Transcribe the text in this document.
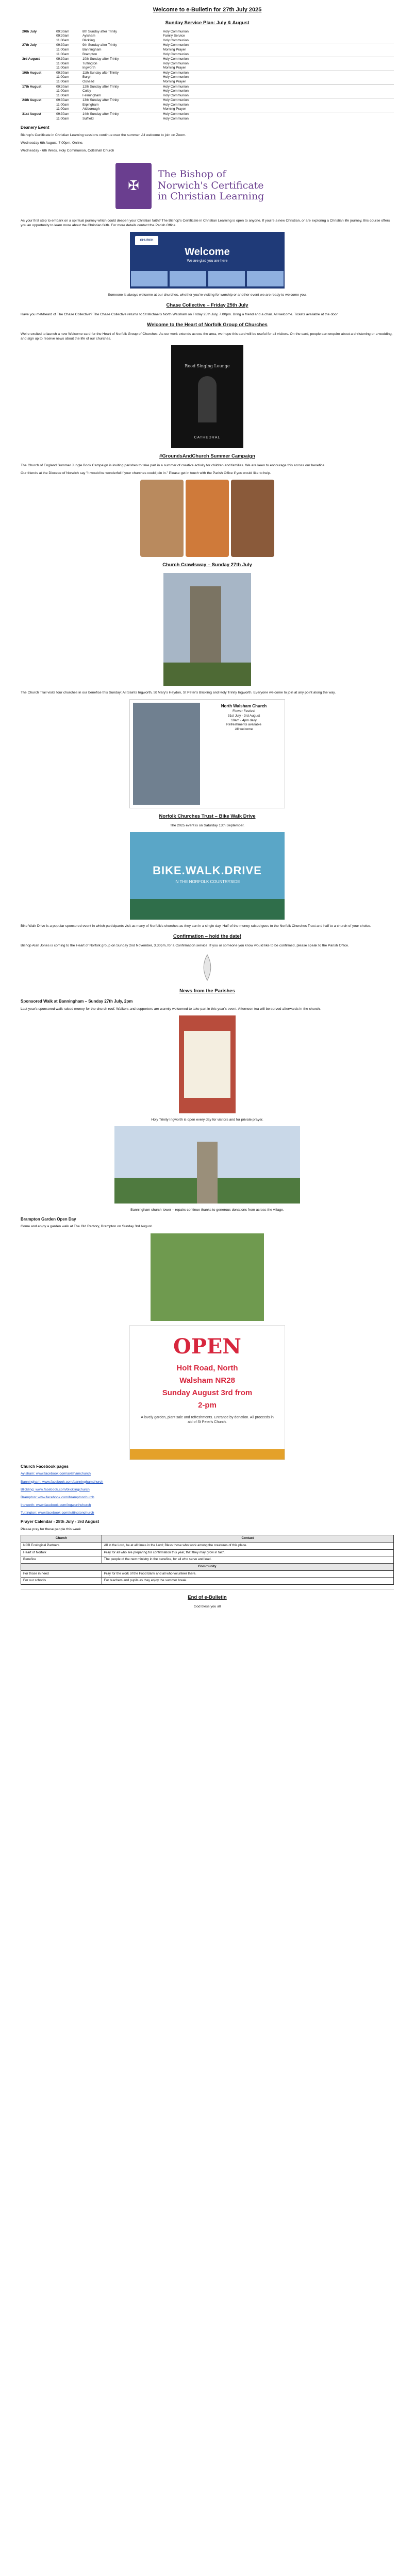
Welcome to e-Bulletin for 27th July 2025
Sunday Service Plan: July & August
20th July	09:30am	8th Sunday after Trinity	Holy Communion
	09:30am	Aylsham	Family Service
	11:00am	Blickling	Holy Communion
27th July	09:30am	9th Sunday after Trinity	Holy Communion
	11:00am	Banningham	Morning Prayer
	11:00am	Brampton	Holy Communion
3rd August	09:30am	10th Sunday after Trinity	Holy Communion
	11:00am	Tuttington	Holy Communion
	11:00am	Ingworth	Morning Prayer
10th August	09:30am	11th Sunday after Trinity	Holy Communion
	11:00am	Burgh	Holy Communion
	11:00am	Oxnead	Morning Prayer
17th August	09:30am	12th Sunday after Trinity	Holy Communion
	11:00am	Colby	Holy Communion
	11:00am	Felmingham	Holy Communion
24th August	09:30am	13th Sunday after Trinity	Holy Communion
	11:00am	Erpingham	Holy Communion
	11:00am	Aldborough	Morning Prayer
31st August	09:30am	14th Sunday after Trinity	Holy Communion
	11:00am	Suffield	Holy Communion
Deanery Event

Bishop's Certificate in Christian Learning sessions continue over the summer. All welcome to join on Zoom.

Wednesday 6th August, 7.00pm, Online.

Wednesday - 6th Weds. Holy Communion, Coltishall Church

✠
The Bishop of
Norwich's Certificate
in Christian Learning

As your first step to embark on a spiritual journey which could deepen your Christian faith? The Bishop's Certificate in Christian Learning is open to anyone. If you're a new Christian, or are exploring a Christian life journey, this course offers you an opportunity to learn more about the Christian faith. For more details contact the Parish Office.

CHURCH
Welcome
We are glad you are here

Someone is always welcome at our churches, whether you're visiting for worship or another event we are ready to welcome you.

Chase Collective – Friday 25th July

Have you met/heard of The Chase Collective? The Chase Collective returns to St Michael's North Walsham on Friday 25th July, 7.00pm. Bring a friend and a chair. All welcome. Tickets available at the door.

Welcome to the Heart of Norfolk Group of Churches

We're excited to launch a new Welcome card for the Heart of Norfolk Group of Churches. As our work extends across the area, we hope this card will be useful for all visitors. On the card, people can enquire about a christening or a wedding, and sign up to receive news about the life of our churches.

Rood Singing Lounge
CATHEDRAL
#GroundsAndChurch Summer Campaign

The Church of England Summer Jungle Book Campaign is inviting parishes to take part in a summer of creative activity for children and families. We are keen to encourage this across our benefice.

Our friends at the Diocese of Norwich say "It would be wonderful if your churches could join in." Please get in touch with the Parish Office if you would like to help.

Church Crawlsway – Sunday 27th July

The Church Trail visits four churches in our benefice this Sunday: All Saints Ingworth, St Mary's Heydon, St Peter's Blickling and Holy Trinity Ingworth. Everyone welcome to join at any point along the way.

North Walsham Church
Flower Festival
31st July - 3rd August
10am - 4pm daily
Refreshments available
All welcome
Norfolk Churches Trust – Bike Walk Drive

The 2025 event is on Saturday 13th September.

BIKE.WALK.DRIVE
IN THE NORFOLK COUNTRYSIDE

Bike Walk Drive is a popular sponsored event in which participants visit as many of Norfolk's churches as they can in a single day. Half of the money raised goes to the Norfolk Churches Trust and half to a church of your choice.

Confirmation – hold the date!

Bishop Alan Jones is coming to the Heart of Norfolk group on Sunday 2nd November, 3.30pm, for a Confirmation service. If you or someone you know would like to be confirmed, please speak to the Parish Office.

News from the Parishes
Sponsored Walk at Banningham – Sunday 27th July, 2pm

Last year's sponsored walk raised money for the church roof. Walkers and supporters are warmly welcomed to take part in this year's event. Afternoon tea will be served afterwards in the church.

Holy Trinity Ingworth is open every day for visitors and for private prayer.

Banningham church tower – repairs continue thanks to generous donations from across the village.

Brampton Garden Open Day

Come and enjoy a garden walk at The Old Rectory, Brampton on Sunday 3rd August.

OPEN
Holt Road, North
Walsham NR28
Sunday August 3rd from
2-pm
A lovely garden, plant sale and refreshments. Entrance by donation. All proceeds in aid of St Peter's Church.
Church Facebook pages

Aylsham: www.facebook.com/aylshamchurch

Banningham: www.facebook.com/banninghamchurch

Blickling: www.facebook.com/blicklingchurch

Brampton: www.facebook.com/bramptonchurch

Ingworth: www.facebook.com/ingworthchurch

Tuttington: www.facebook.com/tuttingtonchurch

Prayer Calendar - 28th July - 3rd August

Please pray for these people this week

Church	Contact
NCB Ecological Partners	All in the Lord, be at all times in the Lord; Bless those who work among the creatures of this place.
Heart of Norfolk	Pray for all who are preparing for confirmation this year, that they may grow in faith.
Benefice	The people of the new ministry in the benefice, for all who serve and lead.
Community	
For those in need	Pray for the work of the Food Bank and all who volunteer there.
For our schools	For teachers and pupils as they enjoy the summer break.
End of e-Bulletin

God bless you all
